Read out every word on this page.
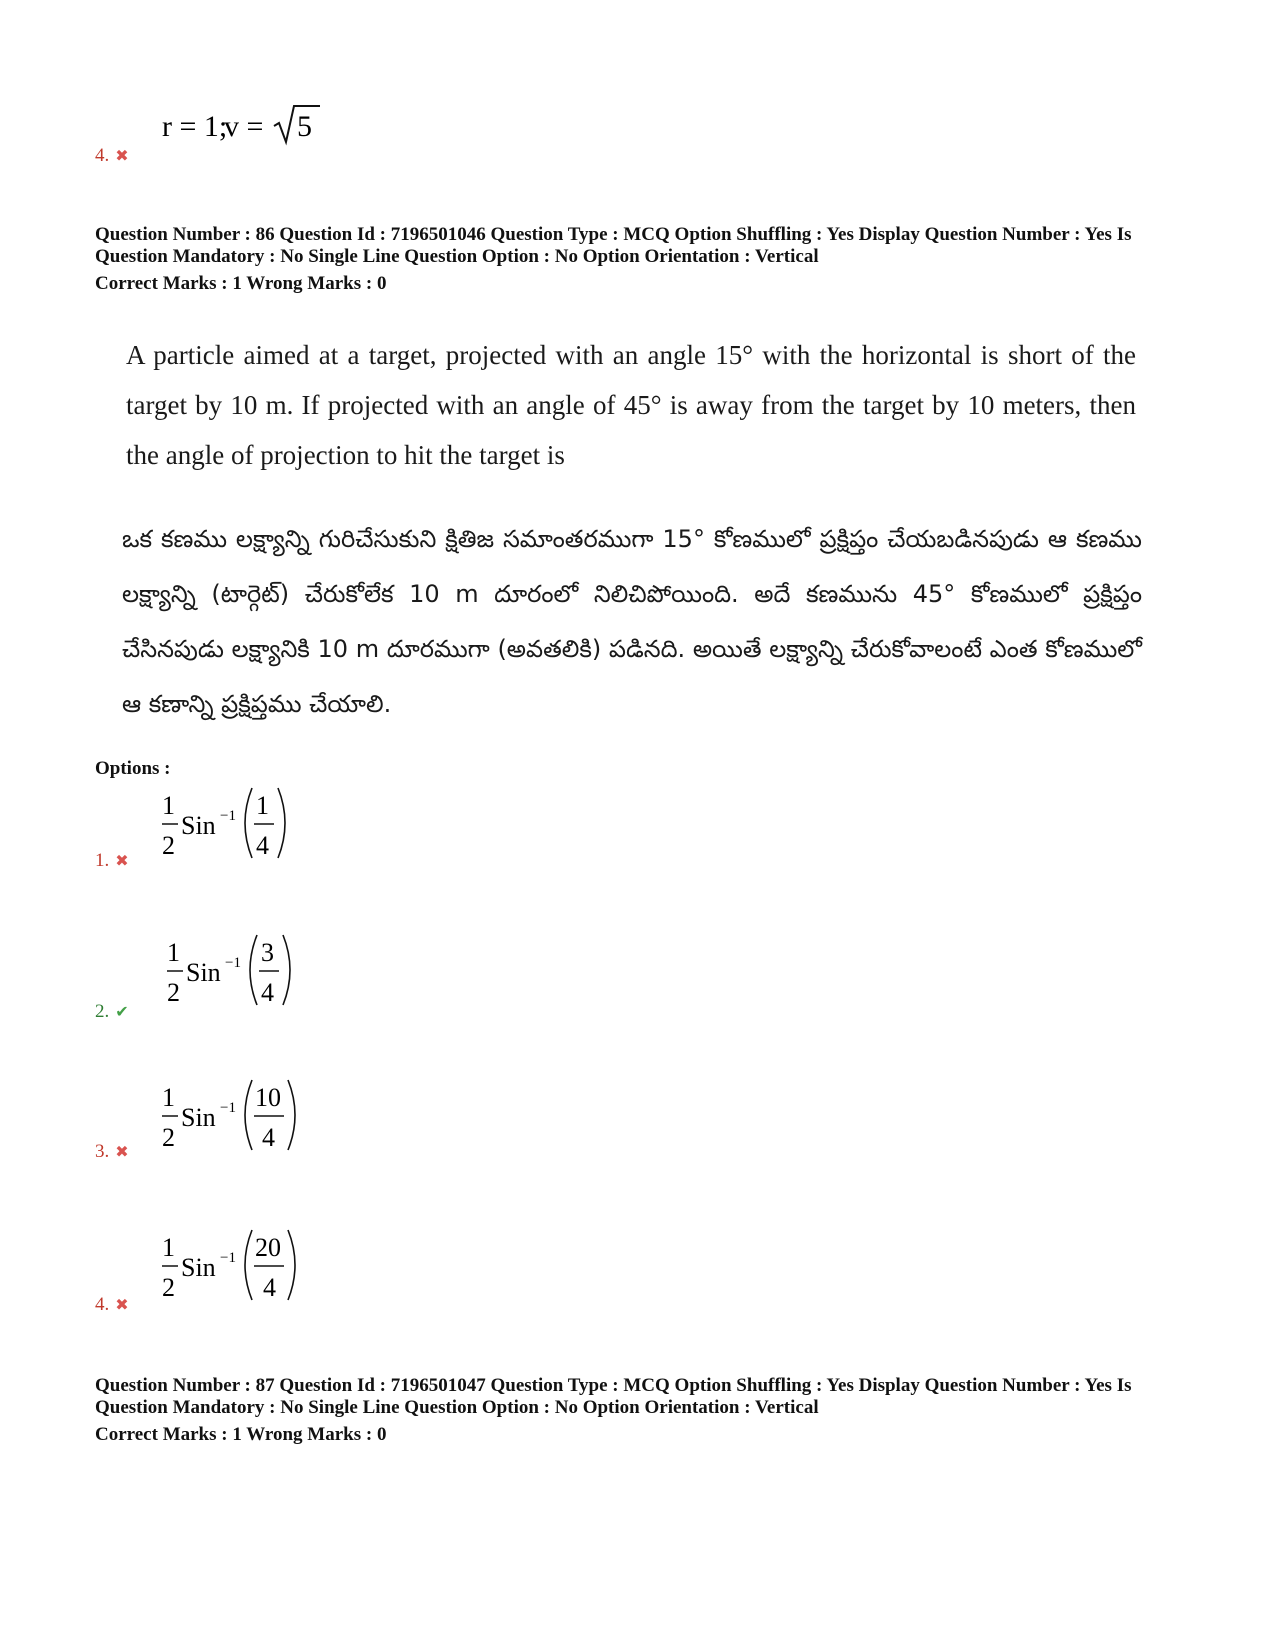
r = 1;
v = 5
4. ✖
Question Number : 86 Question Id : 7196501046 Question Type : MCQ Option Shuffling : Yes Display Question Number : Yes Is
Question Mandatory : No Single Line Question Option : No Option Orientation : Vertical
Correct Marks : 1 Wrong Marks : 0
A particle aimed at a target, projected with an angle 15° with the horizontal is short of the target by 10 m. If projected with an angle of 45° is away from the target by 10 meters, then the angle of projection to hit the target is
ఒక కణము లక్ష్యాన్ని గురిచేసుకుని క్షితిజ సమాంతరముగా 15° కోణములో ప్రక్షిప్తం చేయబడినపుడు ఆ కణము లక్ష్యాన్ని (టార్గెట్) చేరుకోలేక 10 m దూరంలో నిలిచిపోయింది. అదే కణమును 45° కోణములో ప్రక్షిప్తం చేసినపుడు లక్ష్యానికి 10 m దూరముగా (అవతలికి) పడినది. అయితే లక్ష్యాన్ని చేరుకోవాలంటే ఎంత కోణములో ఆ కణాన్ని ప్రక్షిప్తము చేయాలి.
Options :
1
2
Sin −1 1
4
1. ✖
1
2
Sin −1 3
4
2. ✔
1
2
Sin −1 10
4
3. ✖
1
2
Sin −1 20
4
4. ✖
Question Number : 87 Question Id : 7196501047 Question Type : MCQ Option Shuffling : Yes Display Question Number : Yes Is
Question Mandatory : No Single Line Question Option : No Option Orientation : Vertical
Correct Marks : 1 Wrong Marks : 0
